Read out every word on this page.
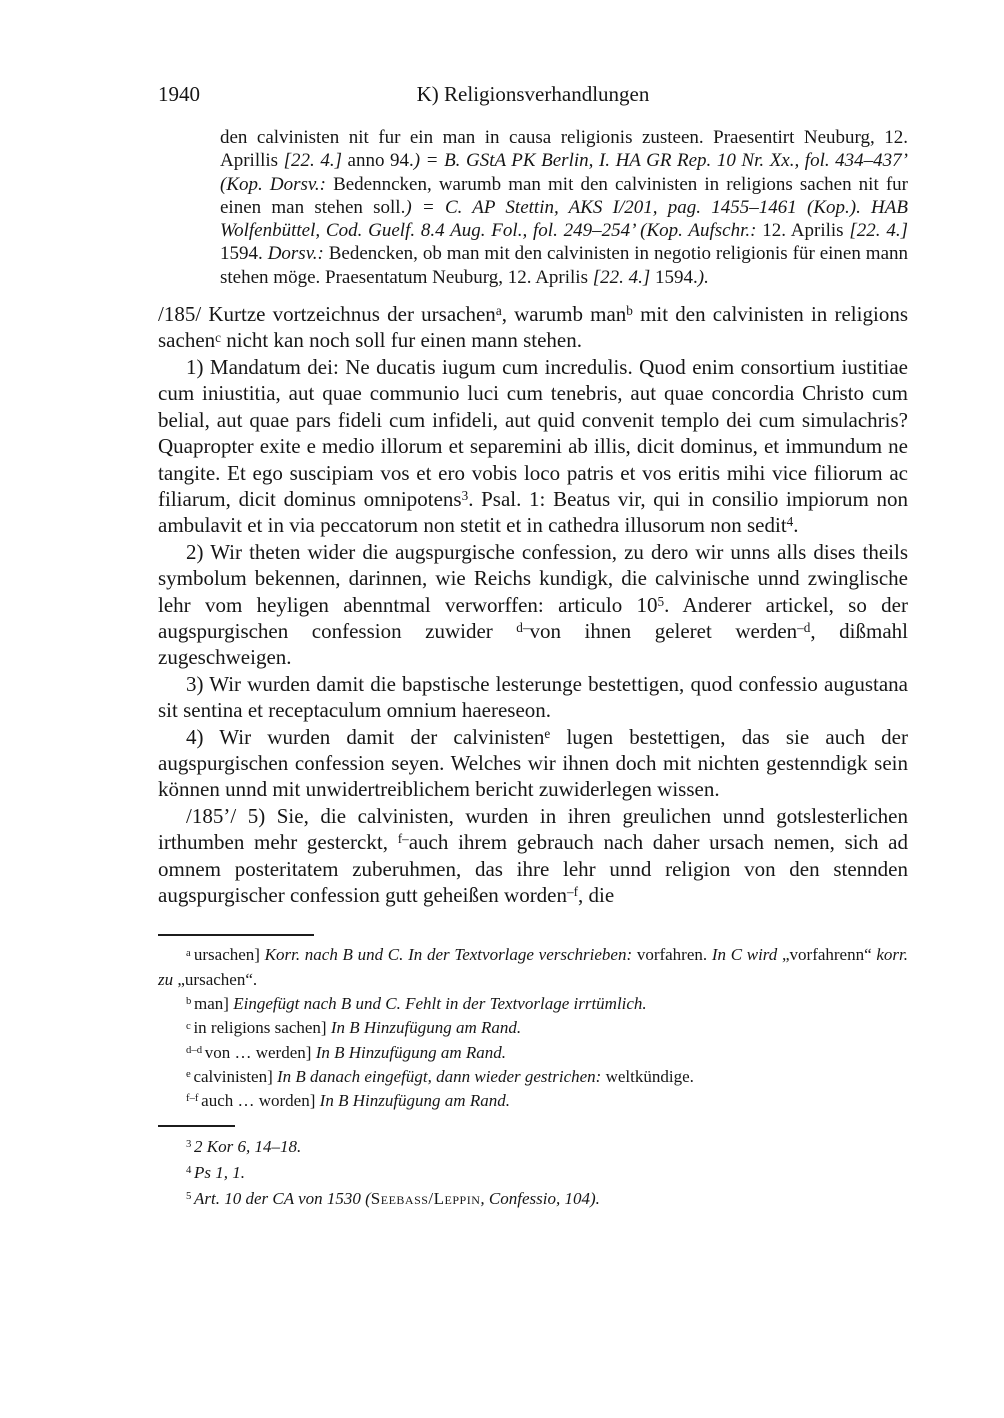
1940	K) Religionsverhandlungen
den calvinisten nit fur ein man in causa religionis zusteen. Praesentirt Neuburg, 12. Aprillis [22. 4.] anno 94.) = B. GStA PK Berlin, I. HA GR Rep. 10 Nr. Xx., fol. 434–437’ (Kop. Dorsv.: Bedenncken, warumb man mit den calvinisten in religions sachen nit fur einen man stehen soll.) = C. AP Stettin, AKS I/201, pag. 1455–1461 (Kop.). HAB Wolfenbüttel, Cod. Guelf. 8.4 Aug. Fol., fol. 249–254’ (Kop. Aufschr.: 12. Aprilis [22. 4.] 1594. Dorsv.: Bedencken, ob man mit den calvinisten in negotio religionis für einen mann stehen möge. Praesentatum Neuburg, 12. Aprilis [22. 4.] 1594.).

/185/ Kurtze vortzeichnus der ursachen$^a$, warumb man$^b$ mit den calvinisten in religions sachen$^c$ nicht kan noch soll fur einen mann stehen.

1) Mandatum dei: Ne ducatis iugum cum incredulis. Quod enim consortium iustitiae cum iniustitia, aut quae communio luci cum tenebris, aut quae concordia Christo cum belial, aut quae pars fideli cum infideli, aut quid convenit templo dei cum simulachris? Quapropter exite e medio illorum et separemini ab illis, dicit dominus, et immundum ne tangite. Et ego suscipiam vos et ero vobis loco patris et vos eritis mihi vice filiorum ac filiarum, dicit dominus omnipotens$^3$. Psal. 1: Beatus vir, qui in consilio impiorum non ambulavit et in via peccatorum non stetit et in cathedra illusorum non sedit$^4$.

2) Wir theten wider die augspurgische confession, zu dero wir unns alls dises theils symbolum bekennen, darinnen, wie Reichs kundigk, die calvinische unnd zwinglische lehr vom heyligen abenntmal verworffen: articulo $10^5$. Anderer artickel, so der augspurgischen confession zuwider $^{d-}$von ihnen geleret werden$^{-d}$, dißmahl zugeschweigen.

3) Wir wurden damit die bapstische lesterunge bestettigen, quod confessio augustana sit sentina et receptaculum omnium haereseon.

4) Wir wurden damit der calvinisten$^e$ lugen bestettigen, das sie auch der augspurgischen confession seyen. Welches wir ihnen doch mit nichten gestenndigk sein können unnd mit unwidertreiblichem bericht zuwiderlegen wissen.

/185’/ 5) Sie, die calvinisten, wurden in ihren greulichen unnd gotslesterlichen irthumben mehr gesterckt, $^{f-}$auch ihrem gebrauch nach daher ursach nemen, sich ad omnem posteritatem zuberuhmen, das ihre lehr unnd religion von den stennden augspurgischer confession gutt geheißen worden$^{-f}$, die

$^a$ ursachen] Korr. nach B und C. In der Textvorlage verschrieben: vorfahren. In C wird „vorfahrenn“ korr. zu „ursachen“.

$^b$ man] Eingefügt nach B und C. Fehlt in der Textvorlage irrtümlich.

$^c$ in religions sachen] In B Hinzufügung am Rand.

$^{d-d}$ von … werden] In B Hinzufügung am Rand.

$^e$ calvinisten] In B danach eingefügt, dann wieder gestrichen: weltkündige.

$^{f-f}$ auch … worden] In B Hinzufügung am Rand.

$^3$ 2 Kor 6, 14–18.

$^4$ Ps 1, 1.

$^5$ Art. 10 der CA von 1530 (Seebass/Leppin, Confessio, 104).
